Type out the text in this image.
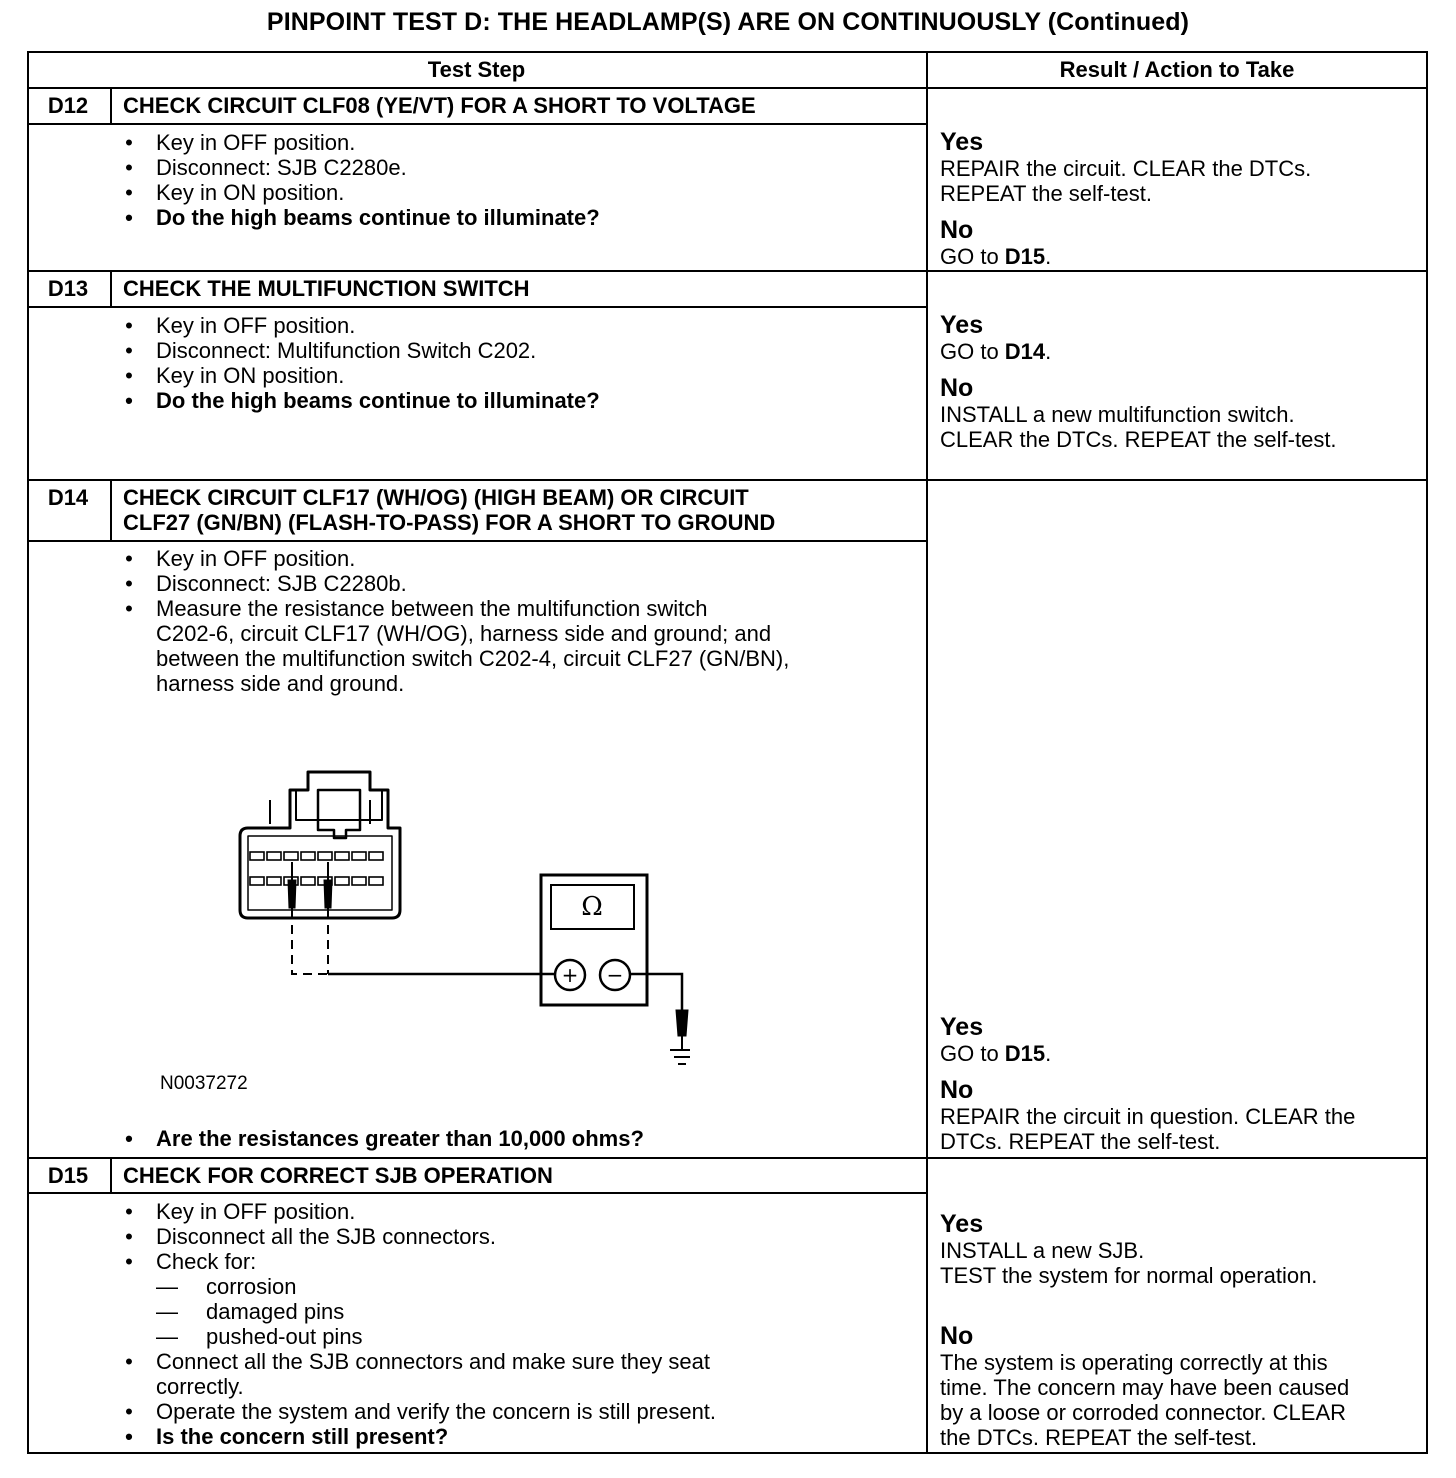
PINPOINT TEST D: THE HEADLAMP(S) ARE ON CONTINUOUSLY (Continued)
Test Step	Result / Action to Take
D12	CHECK CIRCUIT CLF08 (YE/VT) FOR A SHORT TO VOLTAGE
• Key in OFF position.
• Disconnect: SJB C2280e.
• Key in ON position.
• Do the high beams continue to illuminate?
Yes
REPAIR the circuit. CLEAR the DTCs.
REPEAT the self-test.
No
GO to D15.
D13	CHECK THE MULTIFUNCTION SWITCH
• Key in OFF position.
• Disconnect: Multifunction Switch C202.
• Key in ON position.
• Do the high beams continue to illuminate?
Yes
GO to D14.
No
INSTALL a new multifunction switch.
CLEAR the DTCs. REPEAT the self-test.
D14	CHECK CIRCUIT CLF17 (WH/OG) (HIGH BEAM) OR CIRCUIT
CLF27 (GN/BN) (FLASH-TO-PASS) FOR A SHORT TO GROUND
• Key in OFF position.
• Disconnect: SJB C2280b.
• Measure the resistance between the multifunction switch
C202-6, circuit CLF17 (WH/OG), harness side and ground; and
between the multifunction switch C202-4, circuit CLF27 (GN/BN),
harness side and ground.
Ω
+ −
N0037272
• Are the resistances greater than 10,000 ohms?
Yes
GO to D15.
No
REPAIR the circuit in question. CLEAR the
DTCs. REPEAT the self-test.
D15	CHECK FOR CORRECT SJB OPERATION
• Key in OFF position.
• Disconnect all the SJB connectors.
• Check for:
—	corrosion
—	damaged pins
—	pushed-out pins
• Connect all the SJB connectors and make sure they seat
correctly.
• Operate the system and verify the concern is still present.
• Is the concern still present?
Yes
INSTALL a new SJB.
TEST the system for normal operation.
No
The system is operating correctly at this
time. The concern may have been caused
by a loose or corroded connector. CLEAR
the DTCs. REPEAT the self-test.
